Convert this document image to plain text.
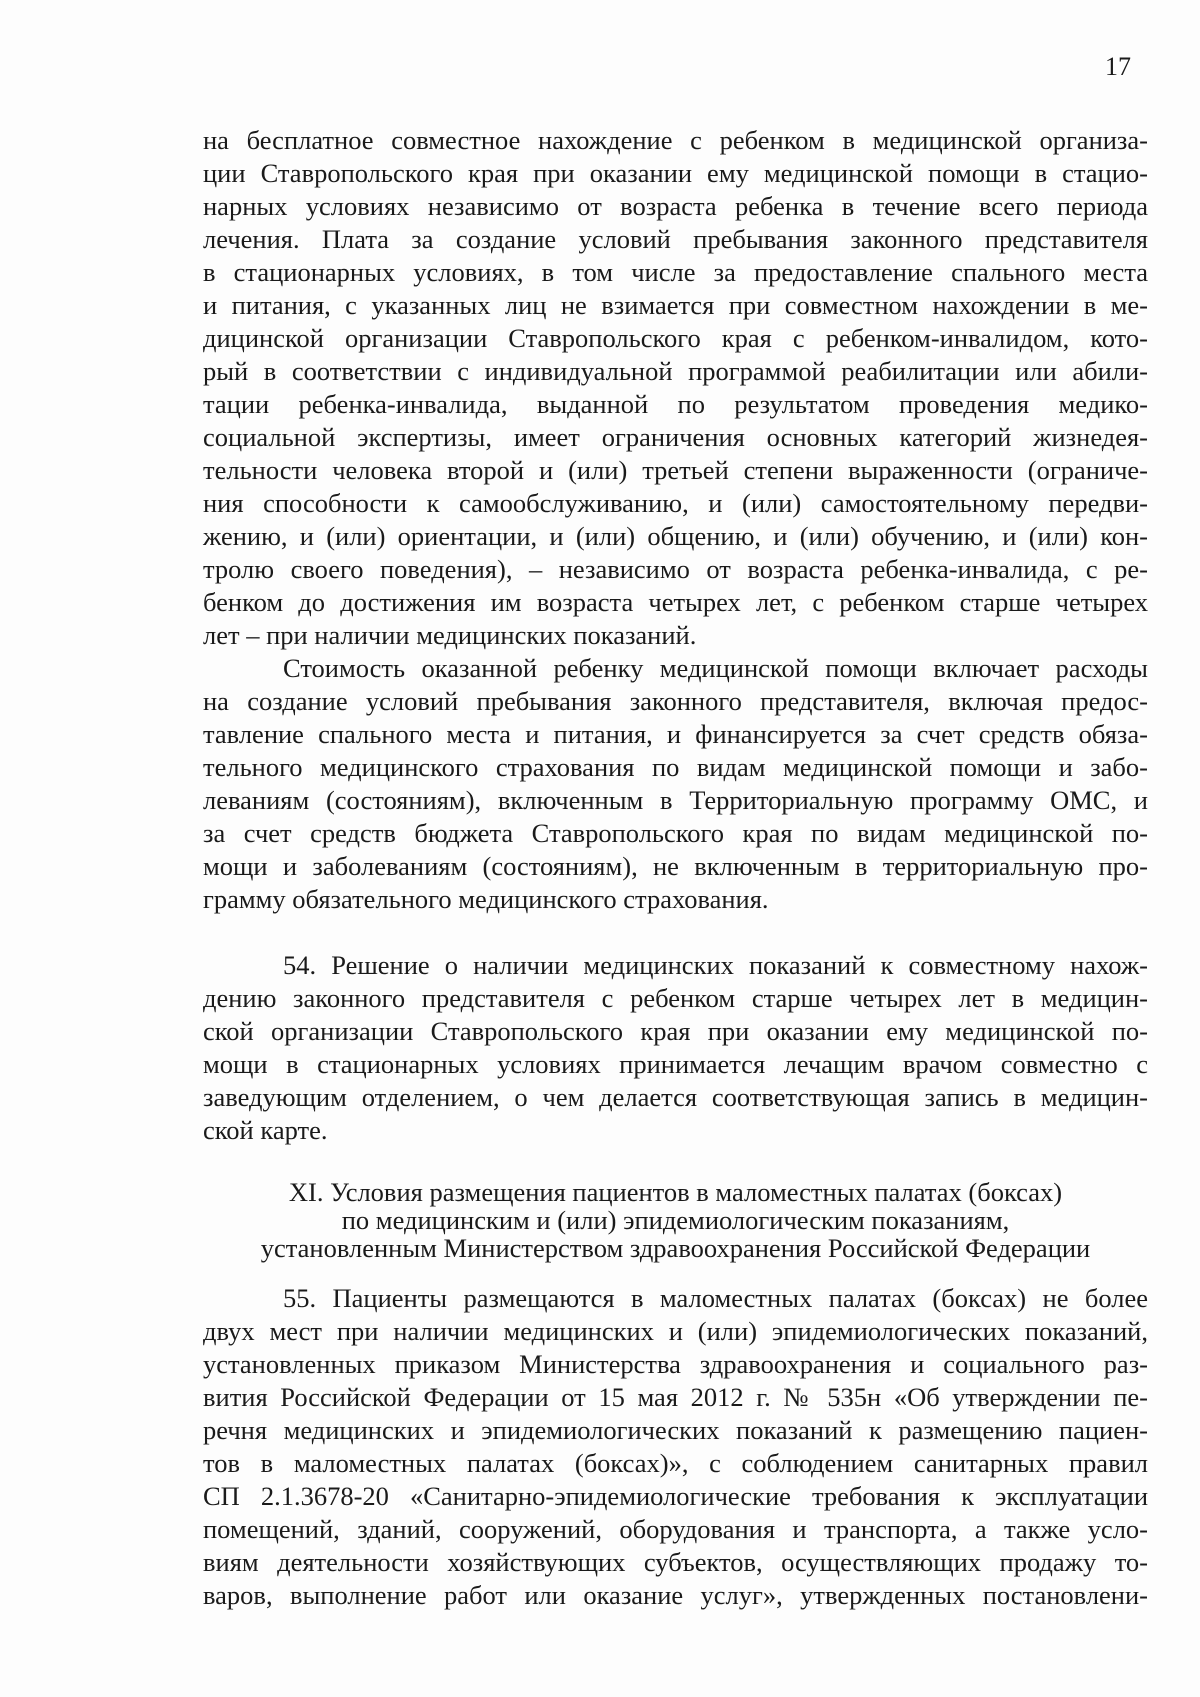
17
на бесплатное совместное нахождение с ребенком в медицинской организа-
ции Ставропольского края при оказании ему медицинской помощи в стацио-
нарных условиях независимо от возраста ребенка в течение всего периода
лечения. Плата за создание условий пребывания законного представителя
в стационарных условиях, в том числе за предоставление спального места
и питания, с указанных лиц не взимается при совместном нахождении в ме-
дицинской организации Ставропольского края с ребенком-инвалидом, кото-
рый в соответствии с индивидуальной программой реабилитации или абили-
тации ребенка-инвалида, выданной по результатом проведения медико-
социальной экспертизы, имеет ограничения основных категорий жизнедея-
тельности человека второй и (или) третьей степени выраженности (ограниче-
ния способности к самообслуживанию, и (или) самостоятельному передви-
жению, и (или) ориентации, и (или) общению, и (или) обучению, и (или) кон-
тролю своего поведения), – независимо от возраста ребенка-инвалида, с ре-
бенком до достижения им возраста четырех лет, с ребенком старше четырех
лет – при наличии медицинских показаний.
Стоимость оказанной ребенку медицинской помощи включает расходы
на создание условий пребывания законного представителя, включая предос-
тавление спального места и питания, и финансируется за счет средств обяза-
тельного медицинского страхования по видам медицинской помощи и забо-
леваниям (состояниям), включенным в Территориальную программу ОМС, и
за счет средств бюджета Ставропольского края по видам медицинской по-
мощи и заболеваниям (состояниям), не включенным в территориальную про-
грамму обязательного медицинского страхования.
54. Решение о наличии медицинских показаний к совместному нахож-
дению законного представителя с ребенком старше четырех лет в медицин-
ской организации Ставропольского края при оказании ему медицинской по-
мощи в стационарных условиях принимается лечащим врачом совместно с
заведующим отделением, о чем делается соответствующая запись в медицин-
ской карте.
XI. Условия размещения пациентов в маломестных палатах (боксах)
по медицинским и (или) эпидемиологическим показаниям,
установленным Министерством здравоохранения Российской Федерации
55. Пациенты размещаются в маломестных палатах (боксах) не более
двух мест при наличии медицинских и (или) эпидемиологических показаний,
установленных приказом Министерства здравоохранения и социального раз-
вития Российской Федерации от 15 мая 2012 г. № 535н «Об утверждении пе-
речня медицинских и эпидемиологических показаний к размещению пациен-
тов в маломестных палатах (боксах)», с соблюдением санитарных правил
СП 2.1.3678-20 «Санитарно-эпидемиологические требования к эксплуатации
помещений, зданий, сооружений, оборудования и транспорта, а также усло-
виям деятельности хозяйствующих субъектов, осуществляющих продажу то-
варов, выполнение работ или оказание услуг», утвержденных постановлени-
